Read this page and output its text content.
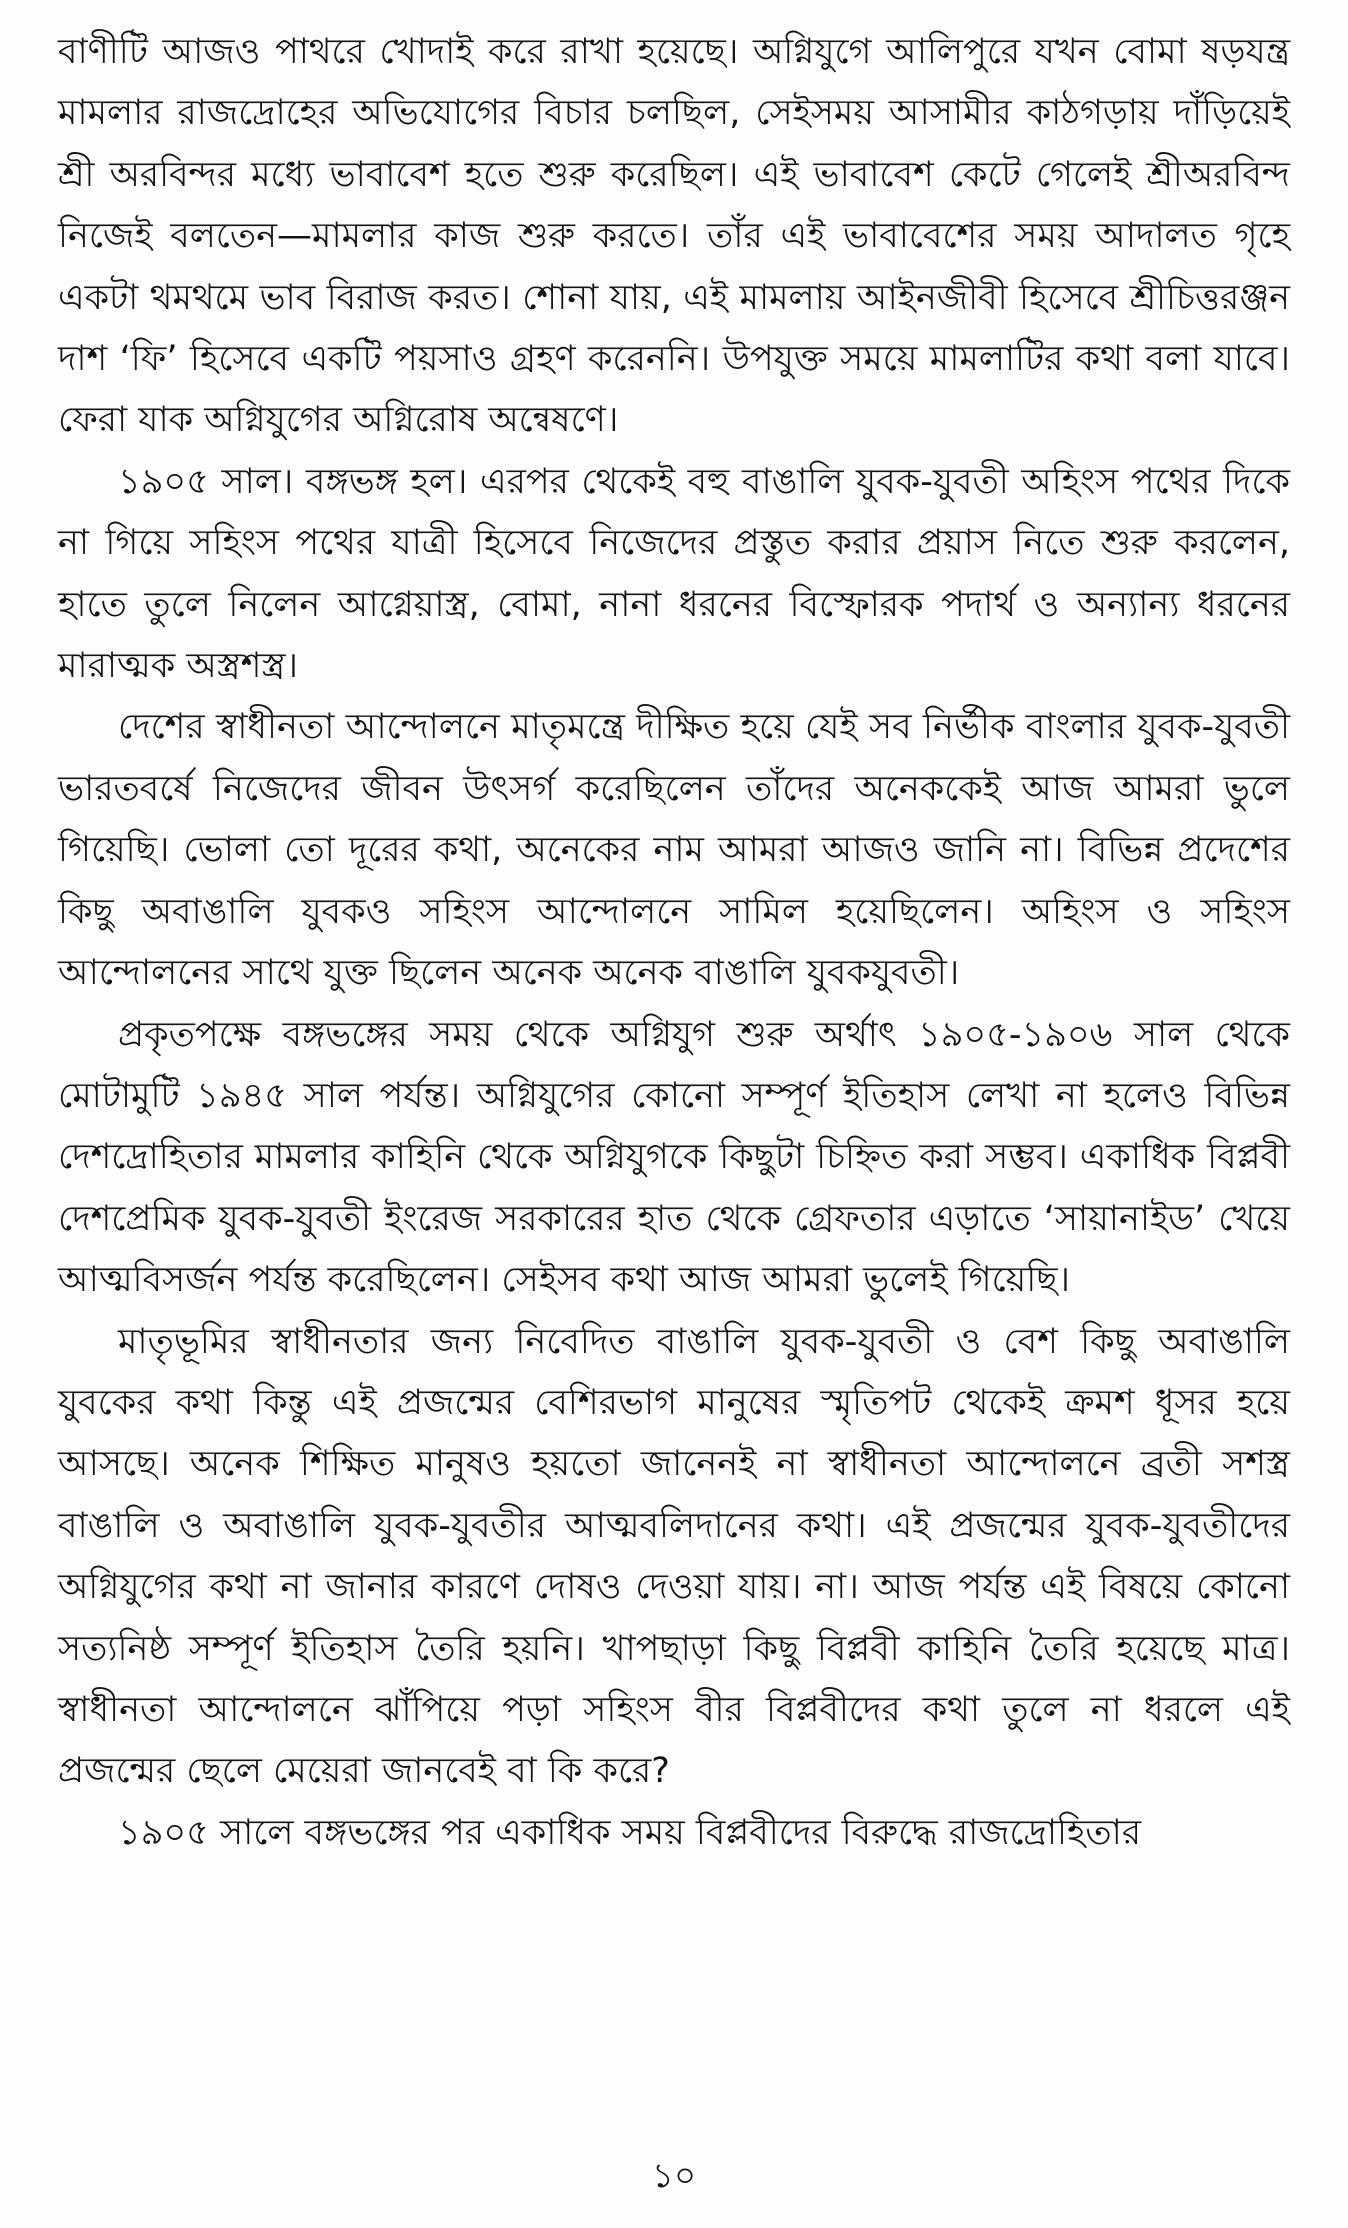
বাণীটি আজও পাথরে খোদাই করে রাখা হয়েছে। অগ্নিযুগে আলিপুরে যখন বোমা ষড়যন্ত্র মামলার রাজদ্রোহের অভিযোগের বিচার চলছিল, সেইসময় আসামীর কাঠগড়ায় দাঁড়িয়েই শ্রী অরবিন্দর মধ্যে ভাবাবেশ হতে শুরু করেছিল। এই ভাবাবেশ কেটে গেলেই শ্রীঅরবিন্দ নিজেই বলতেন—মামলার কাজ শুরু করতে। তাঁর এই ভাবাবেশের সময় আদালত গৃহে একটা থমথমে ভাব বিরাজ করত। শোনা যায়, এই মামলায় আইনজীবী হিসেবে শ্রীচিত্তরঞ্জন দাশ ‘ফি’ হিসেবে একটি পয়সাও গ্রহণ করেননি। উপযুক্ত সময়ে মামলাটির কথা বলা যাবে। ফেরা যাক অগ্নিযুগের অগ্নিরোষ অন্বেষণে।

১৯০৫ সাল। বঙ্গভঙ্গ হল। এরপর থেকেই বহু বাঙালি যুবক-যুবতী অহিংস পথের দিকে না গিয়ে সহিংস পথের যাত্রী হিসেবে নিজেদের প্রস্তুত করার প্রয়াস নিতে শুরু করলেন, হাতে তুলে নিলেন আগ্নেয়াস্ত্র, বোমা, নানা ধরনের বিস্ফোরক পদার্থ ও অন্যান্য ধরনের মারাত্মক অস্ত্রশস্ত্র।

দেশের স্বাধীনতা আন্দোলনে মাতৃমন্ত্রে দীক্ষিত হয়ে যেই সব নির্ভীক বাংলার যুবক-যুবতী ভারতবর্ষে নিজেদের জীবন উৎসর্গ করেছিলেন তাঁদের অনেককেই আজ আমরা ভুলে গিয়েছি। ভোলা তো দূরের কথা, অনেকের নাম আমরা আজও জানি না। বিভিন্ন প্রদেশের কিছু অবাঙালি যুবকও সহিংস আন্দোলনে সামিল হয়েছিলেন। অহিংস ও সহিংস আন্দোলনের সাথে যুক্ত ছিলেন অনেক অনেক বাঙালি যুবকযুবতী।

প্রকৃতপক্ষে বঙ্গভঙ্গের সময় থেকে অগ্নিযুগ শুরু অর্থাৎ ১৯০৫-১৯০৬ সাল থেকে মোটামুটি ১৯৪৫ সাল পর্যন্ত। অগ্নিযুগের কোনো সম্পূর্ণ ইতিহাস লেখা না হলেও বিভিন্ন দেশদ্রোহিতার মামলার কাহিনি থেকে অগ্নিযুগকে কিছুটা চিহ্নিত করা সম্ভব। একাধিক বিপ্লবী দেশপ্রেমিক যুবক-যুবতী ইংরেজ সরকারের হাত থেকে গ্রেফতার এড়াতে ‘সায়ানাইড’ খেয়ে আত্মবিসর্জন পর্যন্ত করেছিলেন। সেইসব কথা আজ আমরা ভুলেই গিয়েছি।

মাতৃভূমির স্বাধীনতার জন্য নিবেদিত বাঙালি যুবক-যুবতী ও বেশ কিছু অবাঙালি যুবকের কথা কিন্তু এই প্রজন্মের বেশিরভাগ মানুষের স্মৃতিপট থেকেই ক্রমশ ধূসর হয়ে আসছে। অনেক শিক্ষিত মানুষও হয়তো জানেনই না স্বাধীনতা আন্দোলনে ব্রতী সশস্ত্র বাঙালি ও অবাঙালি যুবক-যুবতীর আত্মবলিদানের কথা। এই প্রজন্মের যুবক-যুবতীদের অগ্নিযুগের কথা না জানার কারণে দোষও দেওয়া যায়। না। আজ পর্যন্ত এই বিষয়ে কোনো সত্যনিষ্ঠ সম্পূর্ণ ইতিহাস তৈরি হয়নি। খাপছাড়া কিছু বিপ্লবী কাহিনি তৈরি হয়েছে মাত্র। স্বাধীনতা আন্দোলনে ঝাঁপিয়ে পড়া সহিংস বীর বিপ্লবীদের কথা তুলে না ধরলে এই প্রজন্মের ছেলে মেয়েরা জানবেই বা কি করে?

১৯০৫ সালে বঙ্গভঙ্গের পর একাধিক সময় বিপ্লবীদের বিরুদ্ধে রাজদ্রোহিতার

১০
